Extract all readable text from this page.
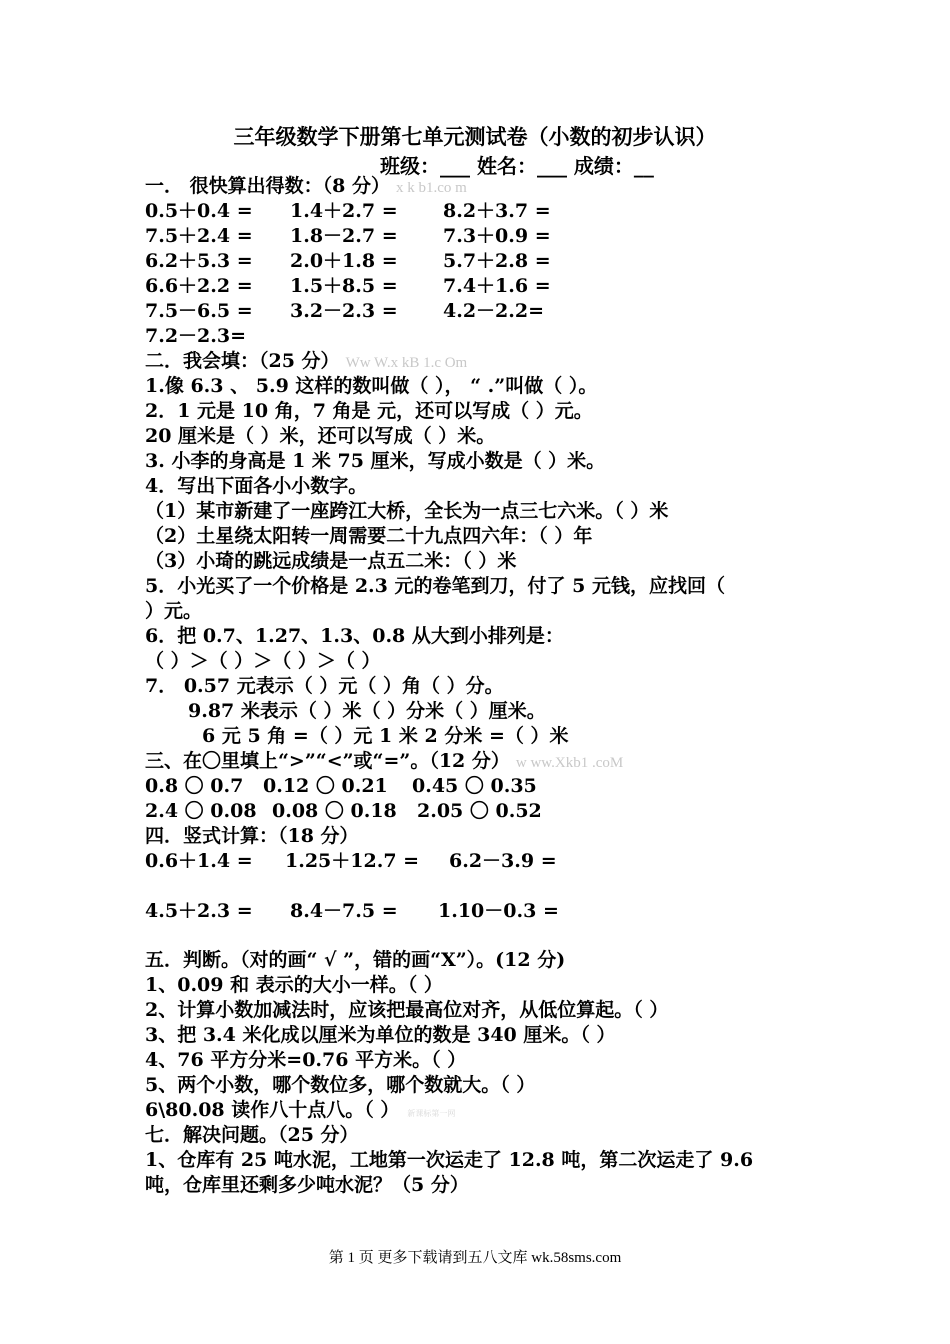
三年级数学下册第七单元测试卷（小数的初步认识）
班级：___ 姓名：___ 成绩：__
一． 很快算出得数：（8 分） x k b1.co m
0.5＋0.4 = 1.4＋2.7 = 8.2＋3.7 =
7.5＋2.4 = 1.8－2.7 = 7.3＋0.9 =
6.2＋5.3 = 2.0＋1.8 = 5.7＋2.8 =
6.6＋2.2 = 1.5＋8.5 = 7.4＋1.6 =
7.5－6.5 = 3.2－2.3 = 4.2－2.2=
7.2－2.3=
二．我会填：（25 分） Ww W.x kB 1.c Om
1.像 6.3 、 5.9 这样的数叫做（ ）， “ .”叫做（ ）。
2．1 元是 10 角，7 角是 元，还可以写成（ ）元。
20 厘米是（ ）米，还可以写成（ ）米。
3. 小李的身高是 1 米 75 厘米，写成小数是（ ）米。
4．写出下面各小小数字。
（1）某市新建了一座跨江大桥，全长为一点三七六米。（ ）米
（2）土星绕太阳转一周需要二十九点四六年：（ ）年
（3）小琦的跳远成绩是一点五二米：（ ）米
5．小光买了一个价格是 2.3 元的卷笔到刀，付了 5 元钱，应找回（
）元。
6．把 0.7、1.27、1.3、0.8 从大到小排列是：
（ ）＞（ ）＞（ ）＞（ ）
7． 0.57 元表示（ ）元（ ）角（ ）分。
9.87 米表示（ ）米（ ）分米（ ）厘米。
6 元 5 角 =（ ）元 1 米 2 分米 =（ ）米
三、在〇里填上“>”“<”或“=”。（12 分） w ww.Xkb1 .coM
0.8 〇 0.7 0.12 〇 0.21 0.45 〇 0.35
2.4 〇 0.08 0.08 〇 0.18 2.05 〇 0.52
四．竖式计算：（18 分）
0.6＋1.4 = 1.25＋12.7 = 6.2－3.9 =
4.5＋2.3 = 8.4－7.5 = 1.10－0.3 =
五．判断。（对的画“ √ ”，错的画“X”）。(12 分)
1、0.09 和 表示的大小一样。（ ）
2、计算小数加减法时，应该把最高位对齐，从低位算起。（ ）
3、把 3.4 米化成以厘米为单位的数是 340 厘米。（ ）
4、76 平方分米=0.76 平方米。（ ）
5、两个小数，哪个数位多，哪个数就大。（ ）
6\80.08 读作八十点八。（ ） 新课标第一网
七．解决问题。（25 分）
1、仓库有 25 吨水泥，工地第一次运走了 12.8 吨，第二次运走了 9.6
吨，仓库里还剩多少吨水泥？（5 分）
第 1 页 更多下载请到五八文库 wk.58sms.com
